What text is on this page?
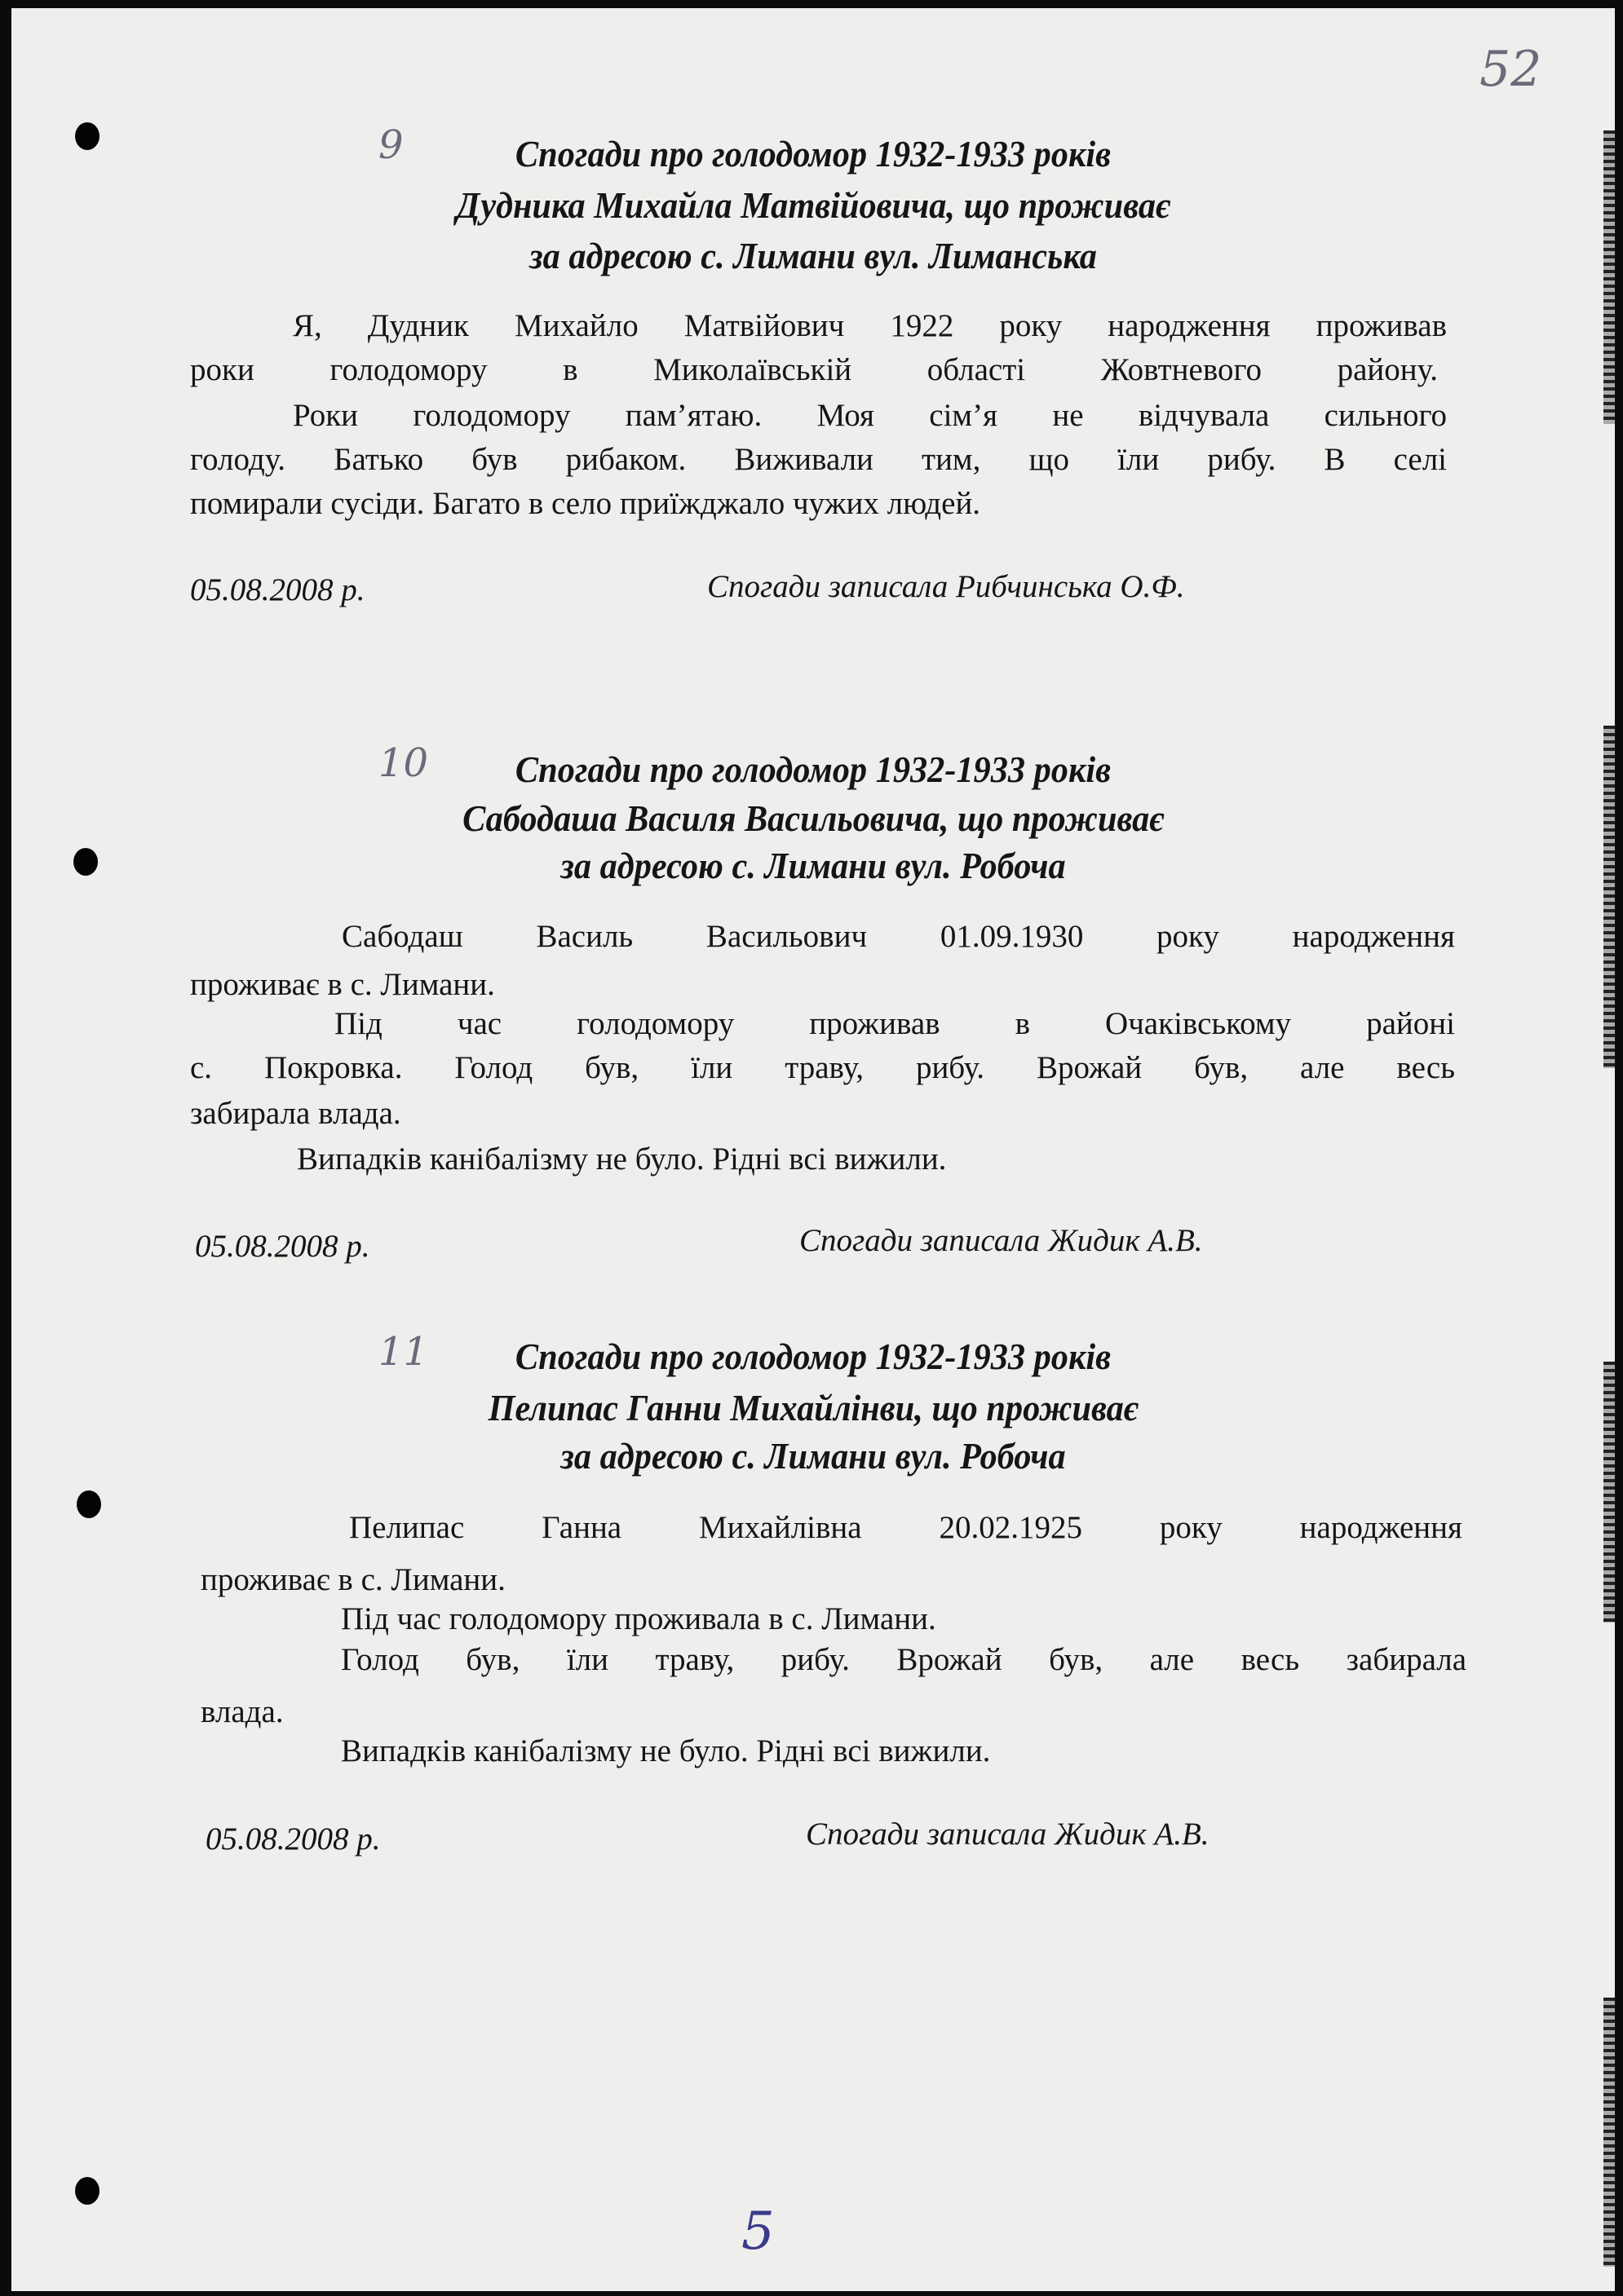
52
9	Спогади про голодомор 1932-1933 років
Дудника Михайла Матвійовича, що проживає
за адресою с. Лимани вул. Лиманська
Я, Дудник Михайло Матвійович 1922 року народження проживав
роки голодомору в Миколаївській області Жовтневого району.
Роки голодомору пам’ятаю. Моя сім’я не відчувала сильного
голоду. Батько був рибаком. Виживали тим, що їли рибу. В селі
помирали сусіди. Багато в село приїжджало чужих людей.
05.08.2008 р.	Спогади записала Рибчинська О.Ф.
10	Спогади про голодомор 1932-1933 років
Сабодаша Василя Васильовича, що проживає
за адресою с. Лимани вул. Робоча
Сабодаш Василь Васильович 01.09.1930 року народження
проживає в с. Лимани.
Під час голодомору проживав в Очаківському районі
с. Покровка. Голод був, їли траву, рибу. Врожай був, але весь
забирала влада.
Випадків канібалізму не було. Рідні всі вижили.
05.08.2008 р.	Спогади записала Жидик А.В.
11	Спогади про голодомор 1932-1933 років
Пелипас Ганни Михайлінви, що проживає
за адресою с. Лимани вул. Робоча
Пелипас Ганна Михайлівна 20.02.1925 року народження
проживає в с. Лимани.
Під час голодомору проживала в с. Лимани.
Голод був, їли траву, рибу. Врожай був, але весь забирала
влада.
Випадків канібалізму не було. Рідні всі вижили.
05.08.2008 р.	Спогади записала Жидик А.В.
5
